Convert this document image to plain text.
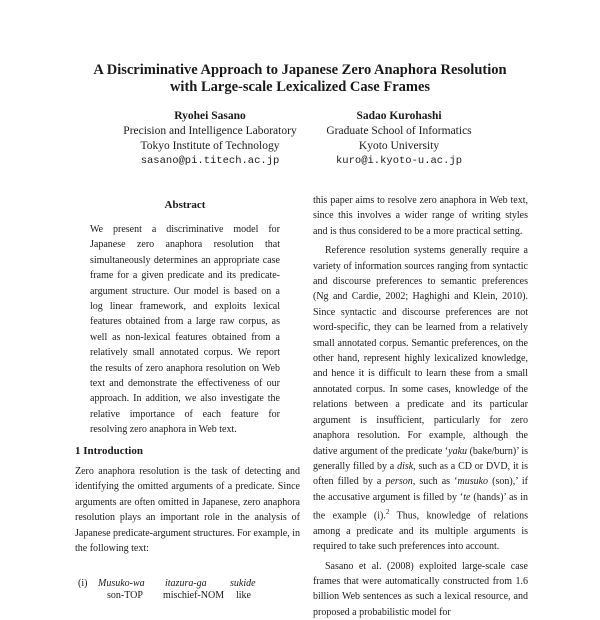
A Discriminative Approach to Japanese Zero Anaphora Resolution
with Large-scale Lexicalized Case Frames
Ryohei Sasano
Precision and Intelligence Laboratory
Tokyo Institute of Technology
sasano@pi.titech.ac.jp
Sadao Kurohashi
Graduate School of Informatics
Kyoto University
kuro@i.kyoto-u.ac.jp
Abstract

We present a discriminative model for Japanese zero anaphora resolution that simultaneously determines an appropriate case frame for a given predicate and its predicate-argument structure. Our model is based on a log linear framework, and exploits lexical features obtained from a large raw corpus, as well as non-lexical features obtained from a relatively small annotated corpus. We report the results of zero anaphora resolution on Web text and demonstrate the effectiveness of our approach. In addition, we also investigate the relative importance of each feature for resolving zero anaphora in Web text.

1 Introduction

Zero anaphora resolution is the task of detecting and identifying the omitted arguments of a predicate. Since arguments are often omitted in Japanese, zero anaphora resolution plays an important role in the analysis of Japanese predicate-argument structures. For example, in the following text:

(i) Musuko-wa itazura-ga sukide
son-TOP mischief-NOM like

this paper aims to resolve zero anaphora in Web text, since this involves a wider range of writing styles and is thus considered to be a more practical setting.

Reference resolution systems generally require a variety of information sources ranging from syntactic and discourse preferences to semantic preferences (Ng and Cardie, 2002; Haghighi and Klein, 2010). Since syntactic and discourse preferences are not word-specific, they can be learned from a relatively small annotated corpus. Semantic preferences, on the other hand, represent highly lexicalized knowledge, and hence it is difficult to learn these from a small annotated corpus. In some cases, knowledge of the relations between a predicate and its particular argument is insufficient, particularly for zero anaphora resolution. For example, although the dative argument of the predicate ‘yaku (bake/burn)’ is generally filled by a disk, such as a CD or DVD, it is often filled by a person, such as ‘musuko (son),’ if the accusative argument is filled by ‘te (hands)’ as in the example (i).$^2$ Thus, knowledge of relations among a predicate and its multiple arguments is required to take such preferences into account.

Sasano et al. (2008) exploited large-scale case frames that were automatically constructed from 1.6 billion Web sentences as such a lexical resource, and proposed a probabilistic model for
